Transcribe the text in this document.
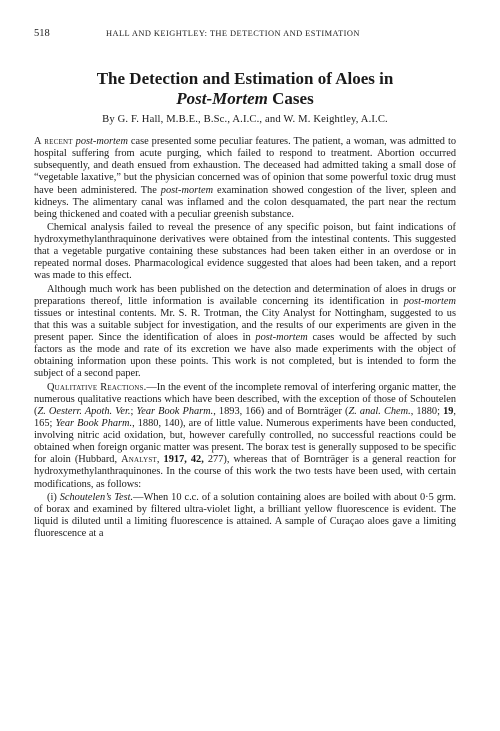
518	HALL AND KEIGHTLEY: THE DETECTION AND ESTIMATION
The Detection and Estimation of Aloes in
Post-Mortem Cases
By G. F. Hall, M.B.E., B.Sc., A.I.C., and W. M. Keightley, A.I.C.

A recent post-mortem case presented some peculiar features. The patient, a woman, was admitted to hospital suffering from acute purging, which failed to respond to treatment. Abortion occurred subsequently, and death ensued from exhaustion. The deceased had admitted taking a small dose of “vegetable laxative,” but the physician concerned was of opinion that some powerful toxic drug must have been administered. The post-mortem examination showed congestion of the liver, spleen and kidneys. The alimentary canal was inflamed and the colon desquamated, the part near the rectum being thickened and coated with a peculiar greenish substance.

Chemical analysis failed to reveal the presence of any specific poison, but faint indications of hydroxymethylanthraquinone derivatives were obtained from the intestinal contents. This suggested that a vegetable purgative containing these substances had been taken either in an overdose or in repeated normal doses. Pharmacological evidence suggested that aloes had been taken, and a report was made to this effect.

Although much work has been published on the detection and determination of aloes in drugs or preparations thereof, little information is available concerning its identification in post-mortem tissues or intestinal contents. Mr. S. R. Trotman, the City Analyst for Nottingham, suggested to us that this was a suitable subject for investigation, and the results of our experiments are given in the present paper. Since the identification of aloes in post-mortem cases would be affected by such factors as the mode and rate of its excretion we have also made experiments with the object of obtaining information upon these points. This work is not completed, but is intended to form the subject of a second paper.

Qualitative Reactions.—In the event of the incomplete removal of interfering organic matter, the numerous qualitative reactions which have been described, with the exception of those of Schoutelen (Z. Oesterr. Apoth. Ver.; Year Book Pharm., 1893, 166) and of Bornträger (Z. anal. Chem., 1880; 19, 165; Year Book Pharm., 1880, 140), are of little value. Numerous experiments have been conducted, involving nitric acid oxidation, but, however carefully controlled, no successful reactions could be obtained when foreign organic matter was present. The borax test is generally supposed to be specific for aloin (Hubbard, Analyst, 1917, 42, 277), whereas that of Bornträger is a general reaction for hydroxymethylanthraquinones. In the course of this work the two tests have been used, with certain modifications, as follows:

(i) Schoutelen’s Test.—When 10 c.c. of a solution containing aloes are boiled with about 0·5 grm. of borax and examined by filtered ultra-violet light, a brilliant yellow fluorescence is evident. The liquid is diluted until a limiting fluorescence is attained. A sample of Curaçao aloes gave a limiting fluorescence at a
